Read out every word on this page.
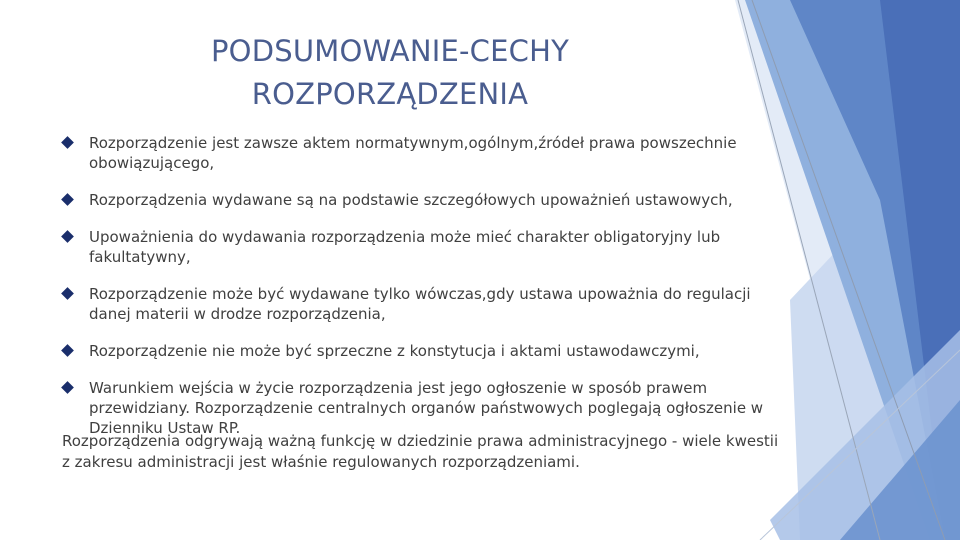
PODSUMOWANIE-CECHY
ROZPORZĄDZENIA
Rozporządzenie jest zawsze aktem normatywnym,ogólnym,źródeł prawa powszechnie obowiązującego,
Rozporządzenia wydawane są na podstawie szczegółowych upoważnień ustawowych,
Upoważnienia do wydawania rozporządzenia może mieć charakter obligatoryjny lub fakultatywny,
Rozporządzenie może być wydawane tylko wówczas,gdy ustawa upoważnia do regulacji danej materii w drodze rozporządzenia,
Rozporządzenie nie może być sprzeczne z konstytucja i aktami ustawodawczymi,
Warunkiem wejścia w życie rozporządzenia jest jego ogłoszenie w sposób prawem przewidziany. Rozporządzenie centralnych organów państwowych poglegają ogłoszenie w Dzienniku Ustaw RP.
Rozporządzenia odgrywają ważną funkcję w dziedzinie prawa administracyjnego - wiele kwestii z zakresu administracji jest właśnie regulowanych rozporządzeniami.
